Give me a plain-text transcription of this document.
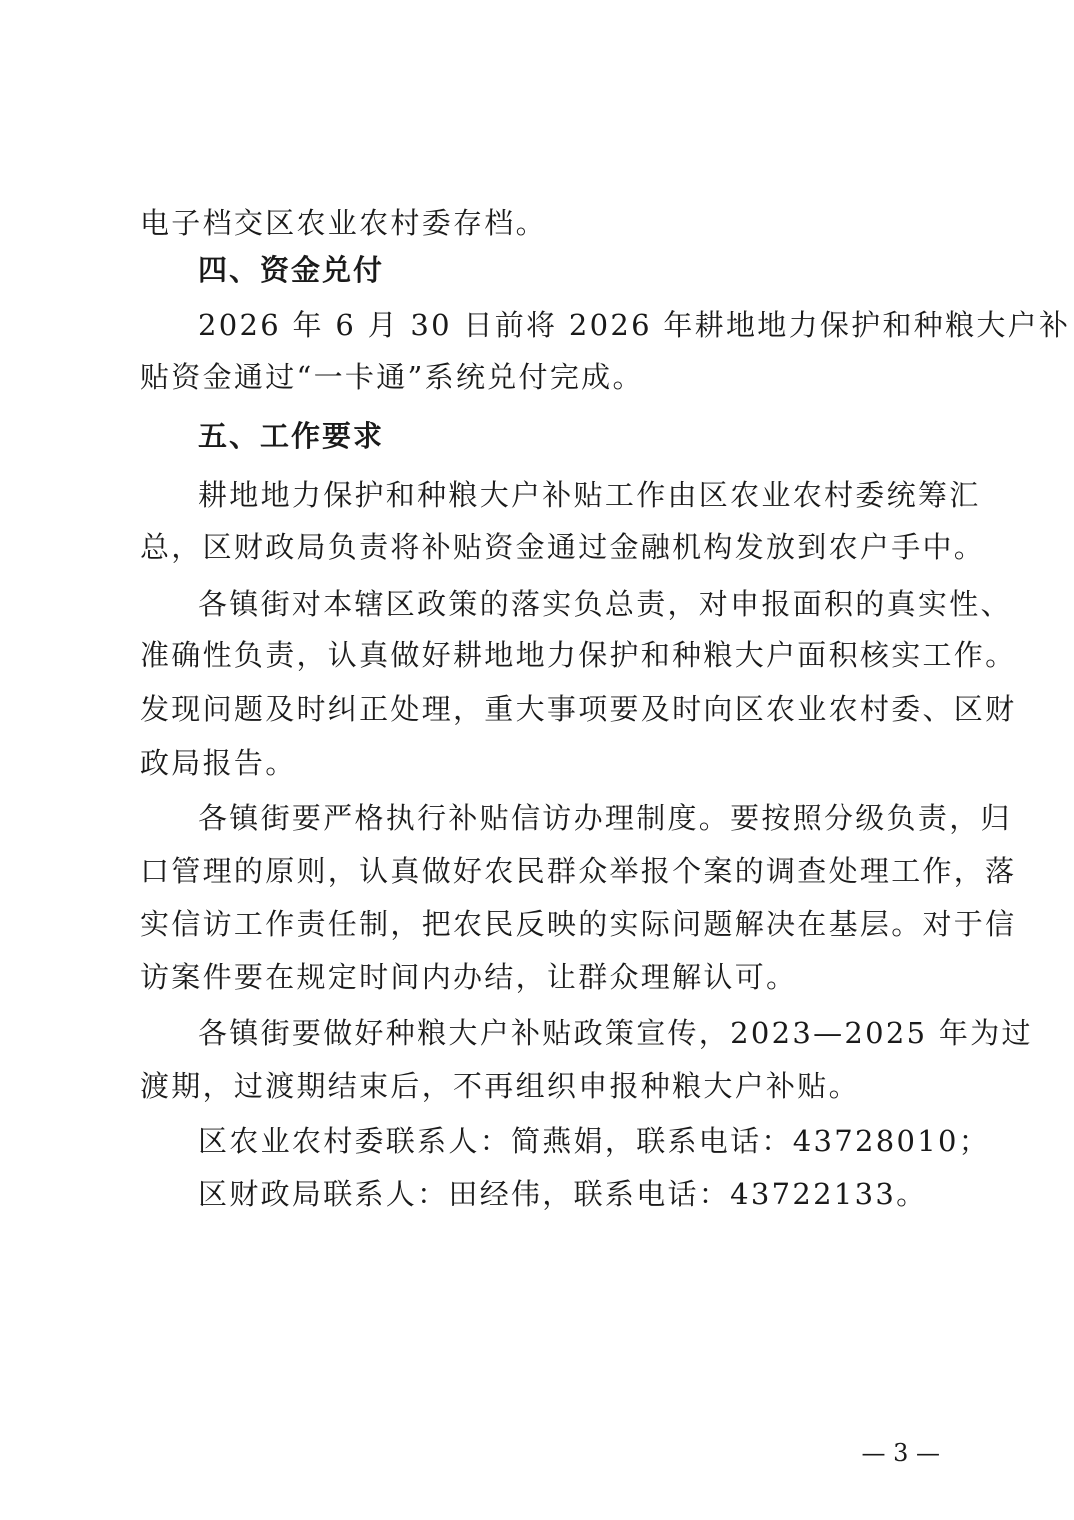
电子档交区农业农村委存档。
四、资金兑付
2026 年 6 月 30 日前将 2026 年耕地地力保护和种粮大户补
贴资金通过“一卡通”系统兑付完成。
五、工作要求
耕地地力保护和种粮大户补贴工作由区农业农村委统筹汇
总，区财政局负责将补贴资金通过金融机构发放到农户手中。
各镇街对本辖区政策的落实负总责，对申报面积的真实性、
准确性负责，认真做好耕地地力保护和种粮大户面积核实工作。
发现问题及时纠正处理，重大事项要及时向区农业农村委、区财
政局报告。
各镇街要严格执行补贴信访办理制度。要按照分级负责，归
口管理的原则，认真做好农民群众举报个案的调查处理工作，落
实信访工作责任制，把农民反映的实际问题解决在基层。对于信
访案件要在规定时间内办结，让群众理解认可。
各镇街要做好种粮大户补贴政策宣传，2023—2025 年为过
渡期，过渡期结束后，不再组织申报种粮大户补贴。
区农业农村委联系人：简燕娟，联系电话：43728010；
区财政局联系人：田经伟，联系电话：43722133。
— 3 —
